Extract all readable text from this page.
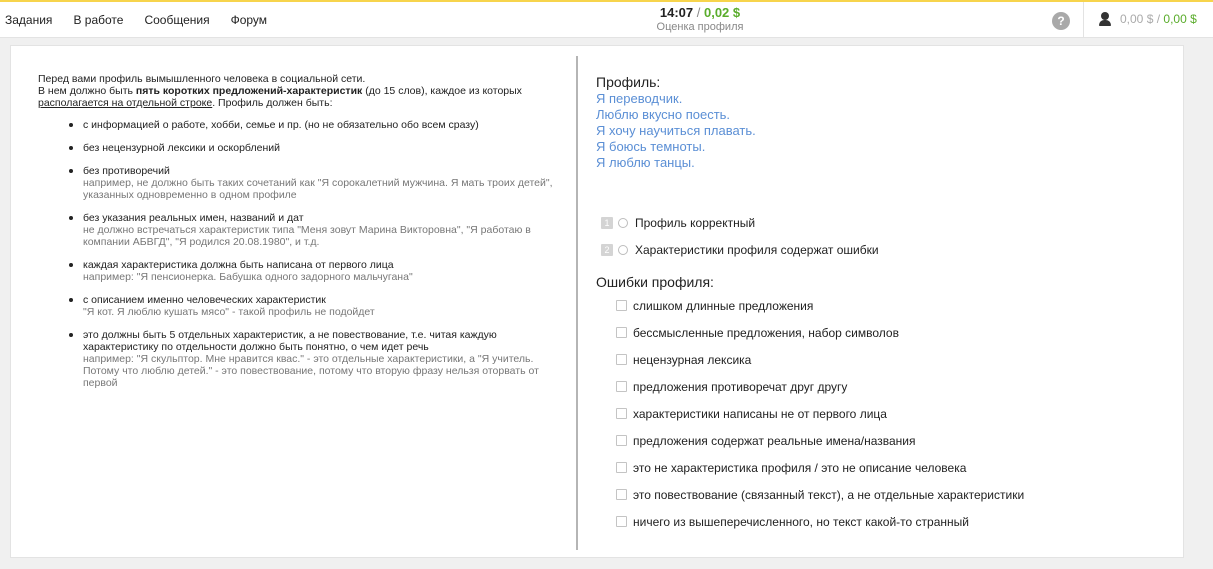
Задания В работе Сообщения Форум	14:07 / 0,02 $
Оценка профиля	?	0,00 $ / 0,00 $
Перед вами профиль вымышленного человека в социальной сети.
В нем должно быть пять коротких предложений-характеристик (до 15 слов), каждое из которых располагается на отдельной строке. Профиль должен быть:
с информацией о работе, хобби, семье и пр. (но не обязательно обо всем сразу)
без нецензурной лексики и оскорблений
без противоречий
например, не должно быть таких сочетаний как "Я сорокалетний мужчина. Я мать троих детей", указанных одновременно в одном профиле
без указания реальных имен, названий и дат
не должно встречаться характеристик типа "Меня зовут Марина Викторовна", "Я работаю в компании АБВГД", "Я родился 20.08.1980", и т.д.
каждая характеристика должна быть написана от первого лица
например: "Я пенсионерка. Бабушка одного задорного мальчугана"
с описанием именно человеческих характеристик
"Я кот. Я люблю кушать мясо" - такой профиль не подойдет
это должны быть 5 отдельных характеристик, а не повествование, т.е. читая каждую характеристику по отдельности должно быть понятно, о чем идет речь
например: "Я скульптор. Мне нравится квас." - это отдельные характеристики, а "Я учитель. Потому что люблю детей." - это повествование, потому что вторую фразу нельзя оторвать от первой
Профиль:
Я переводчик.
Люблю вкусно поесть.
Я хочу научиться плавать.
Я боюсь темноты.
Я люблю танцы.
1 Профиль корректный
2 Характеристики профиля содержат ошибки
Ошибки профиля:
слишком длинные предложения
бессмысленные предложения, набор символов
нецензурная лексика
предложения противоречат друг другу
характеристики написаны не от первого лица
предложения содержат реальные имена/названия
это не характеристика профиля / это не описание человека
это повествование (связанный текст), а не отдельные характеристики
ничего из вышеперечисленного, но текст какой-то странный
